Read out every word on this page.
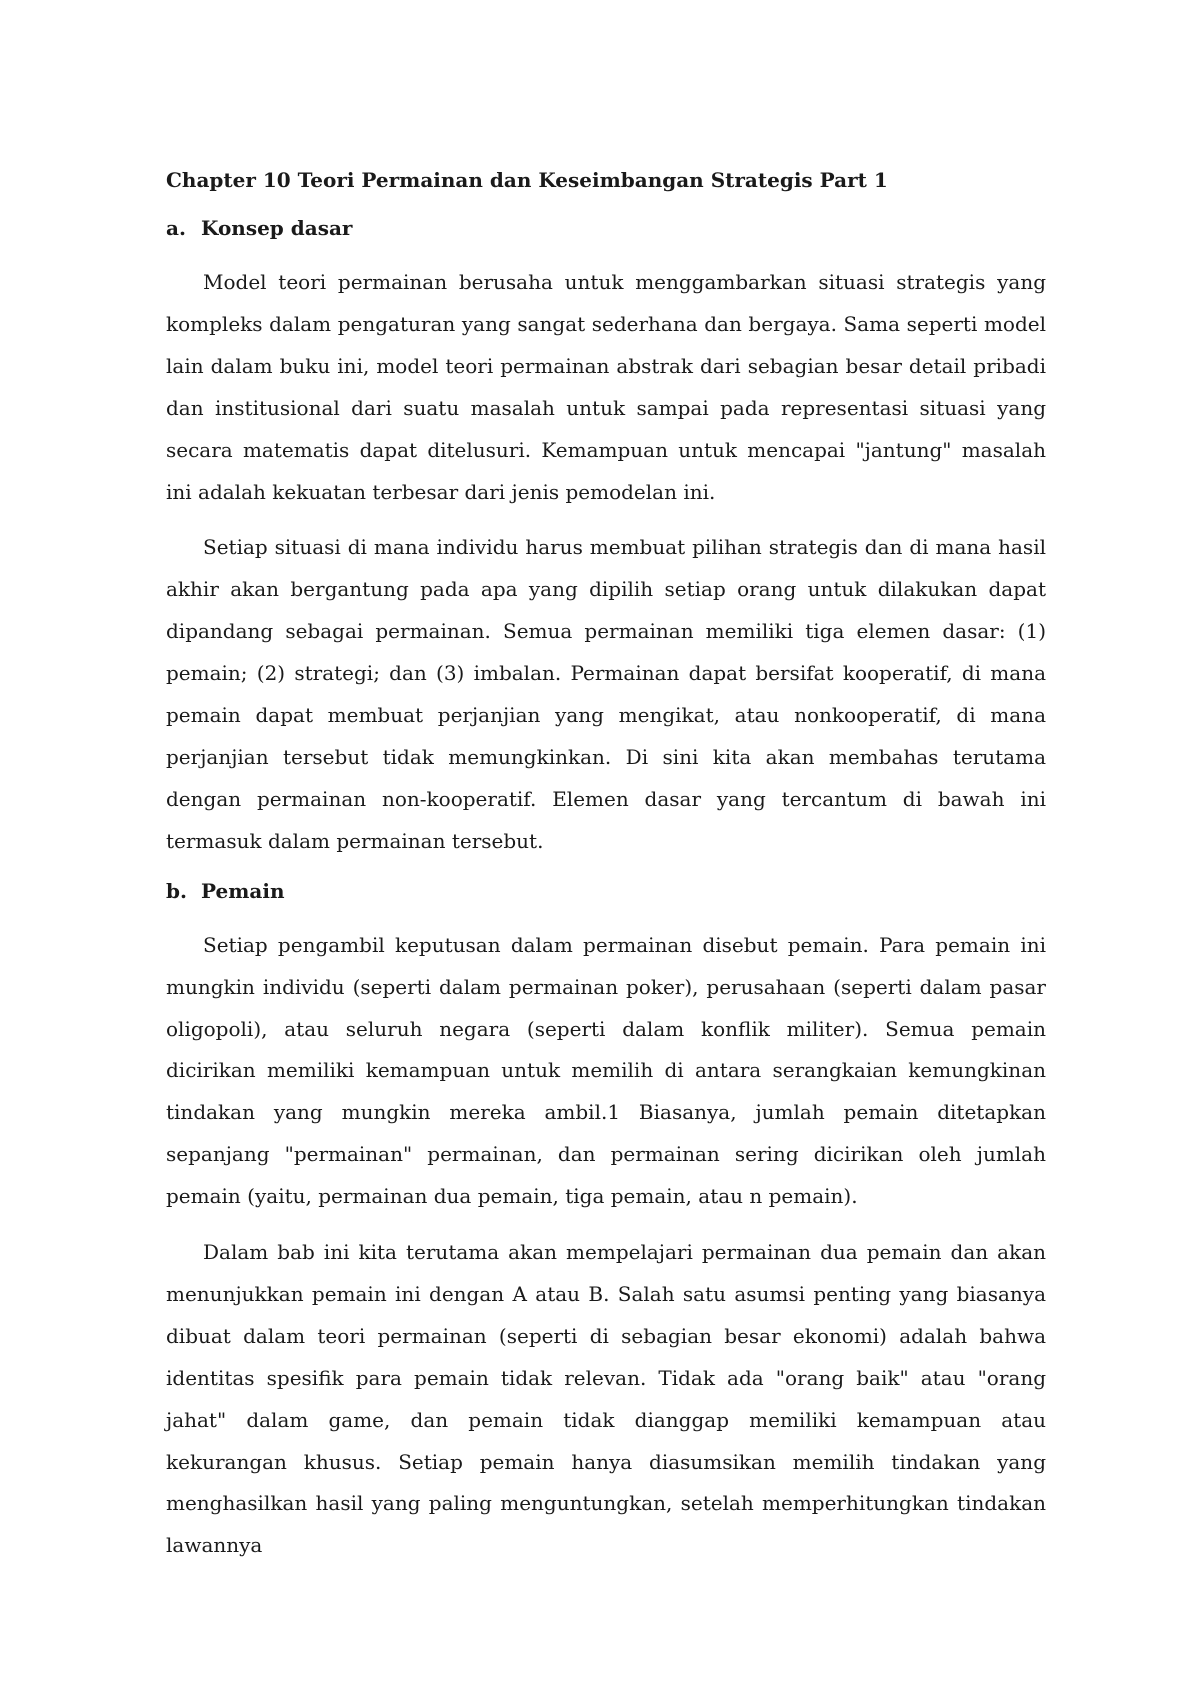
Chapter 10 Teori Permainan dan Keseimbangan Strategis Part 1
a. Konsep dasar

Model teori permainan berusaha untuk menggambarkan situasi strategis yang kompleks dalam pengaturan yang sangat sederhana dan bergaya. Sama seperti model lain dalam buku ini, model teori permainan abstrak dari sebagian besar detail pribadi dan institusional dari suatu masalah untuk sampai pada representasi situasi yang secara matematis dapat ditelusuri. Kemampuan untuk mencapai "jantung" masalah ini adalah kekuatan terbesar dari jenis pemodelan ini.

Setiap situasi di mana individu harus membuat pilihan strategis dan di mana hasil akhir akan bergantung pada apa yang dipilih setiap orang untuk dilakukan dapat dipandang sebagai permainan. Semua permainan memiliki tiga elemen dasar: (1) pemain; (2) strategi; dan (3) imbalan. Permainan dapat bersifat kooperatif, di mana pemain dapat membuat perjanjian yang mengikat, atau nonkooperatif, di mana perjanjian tersebut tidak memungkinkan. Di sini kita akan membahas terutama dengan permainan non-kooperatif. Elemen dasar yang tercantum di bawah ini termasuk dalam permainan tersebut.

b. Pemain

Setiap pengambil keputusan dalam permainan disebut pemain. Para pemain ini mungkin individu (seperti dalam permainan poker), perusahaan (seperti dalam pasar oligopoli), atau seluruh negara (seperti dalam konflik militer). Semua pemain dicirikan memiliki kemampuan untuk memilih di antara serangkaian kemungkinan tindakan yang mungkin mereka ambil.1 Biasanya, jumlah pemain ditetapkan sepanjang "permainan" permainan, dan permainan sering dicirikan oleh jumlah pemain (yaitu, permainan dua pemain, tiga pemain, atau n pemain).

Dalam bab ini kita terutama akan mempelajari permainan dua pemain dan akan menunjukkan pemain ini dengan A atau B. Salah satu asumsi penting yang biasanya dibuat dalam teori permainan (seperti di sebagian besar ekonomi) adalah bahwa identitas spesifik para pemain tidak relevan. Tidak ada "orang baik" atau "orang jahat" dalam game, dan pemain tidak dianggap memiliki kemampuan atau kekurangan khusus. Setiap pemain hanya diasumsikan memilih tindakan yang menghasilkan hasil yang paling menguntungkan, setelah memperhitungkan tindakan lawannya
